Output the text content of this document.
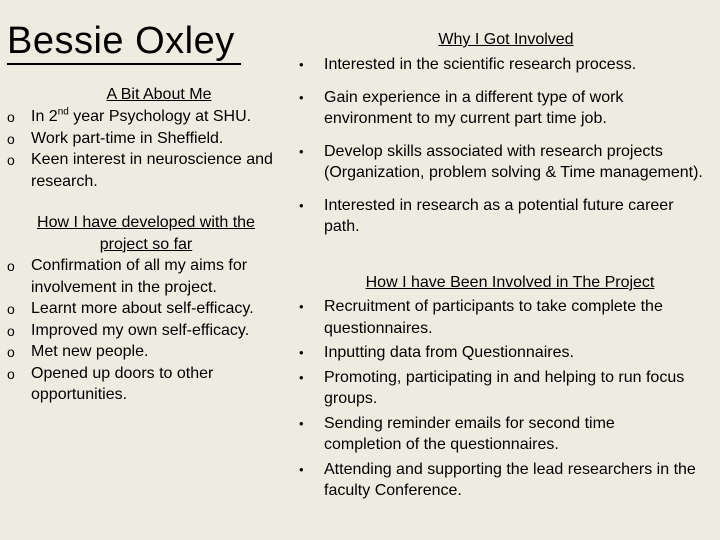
Bessie Oxley
A Bit About Me
o In 2nd year Psychology at SHU.
o Work part-time in Sheffield.
o Keen interest in neuroscience and research.
How I have developed with the project so far
o Confirmation of all my aims for involvement in the project.
o Learnt more about self-efficacy.
o Improved my own self-efficacy.
o Met new people.
o Opened up doors to other opportunities.
Why I Got Involved
• Interested in the scientific research process.
• Gain experience in a different type of work environment to my current part time job.
• Develop skills associated with research projects (Organization, problem solving & Time management).
• Interested in research as a potential future career path.
How I have Been Involved in The Project
• Recruitment of participants to take complete the questionnaires.
• Inputting data from Questionnaires.
• Promoting, participating in and helping to run focus groups.
• Sending reminder emails for second time completion of the questionnaires.
• Attending and supporting the lead researchers in the faculty Conference.
